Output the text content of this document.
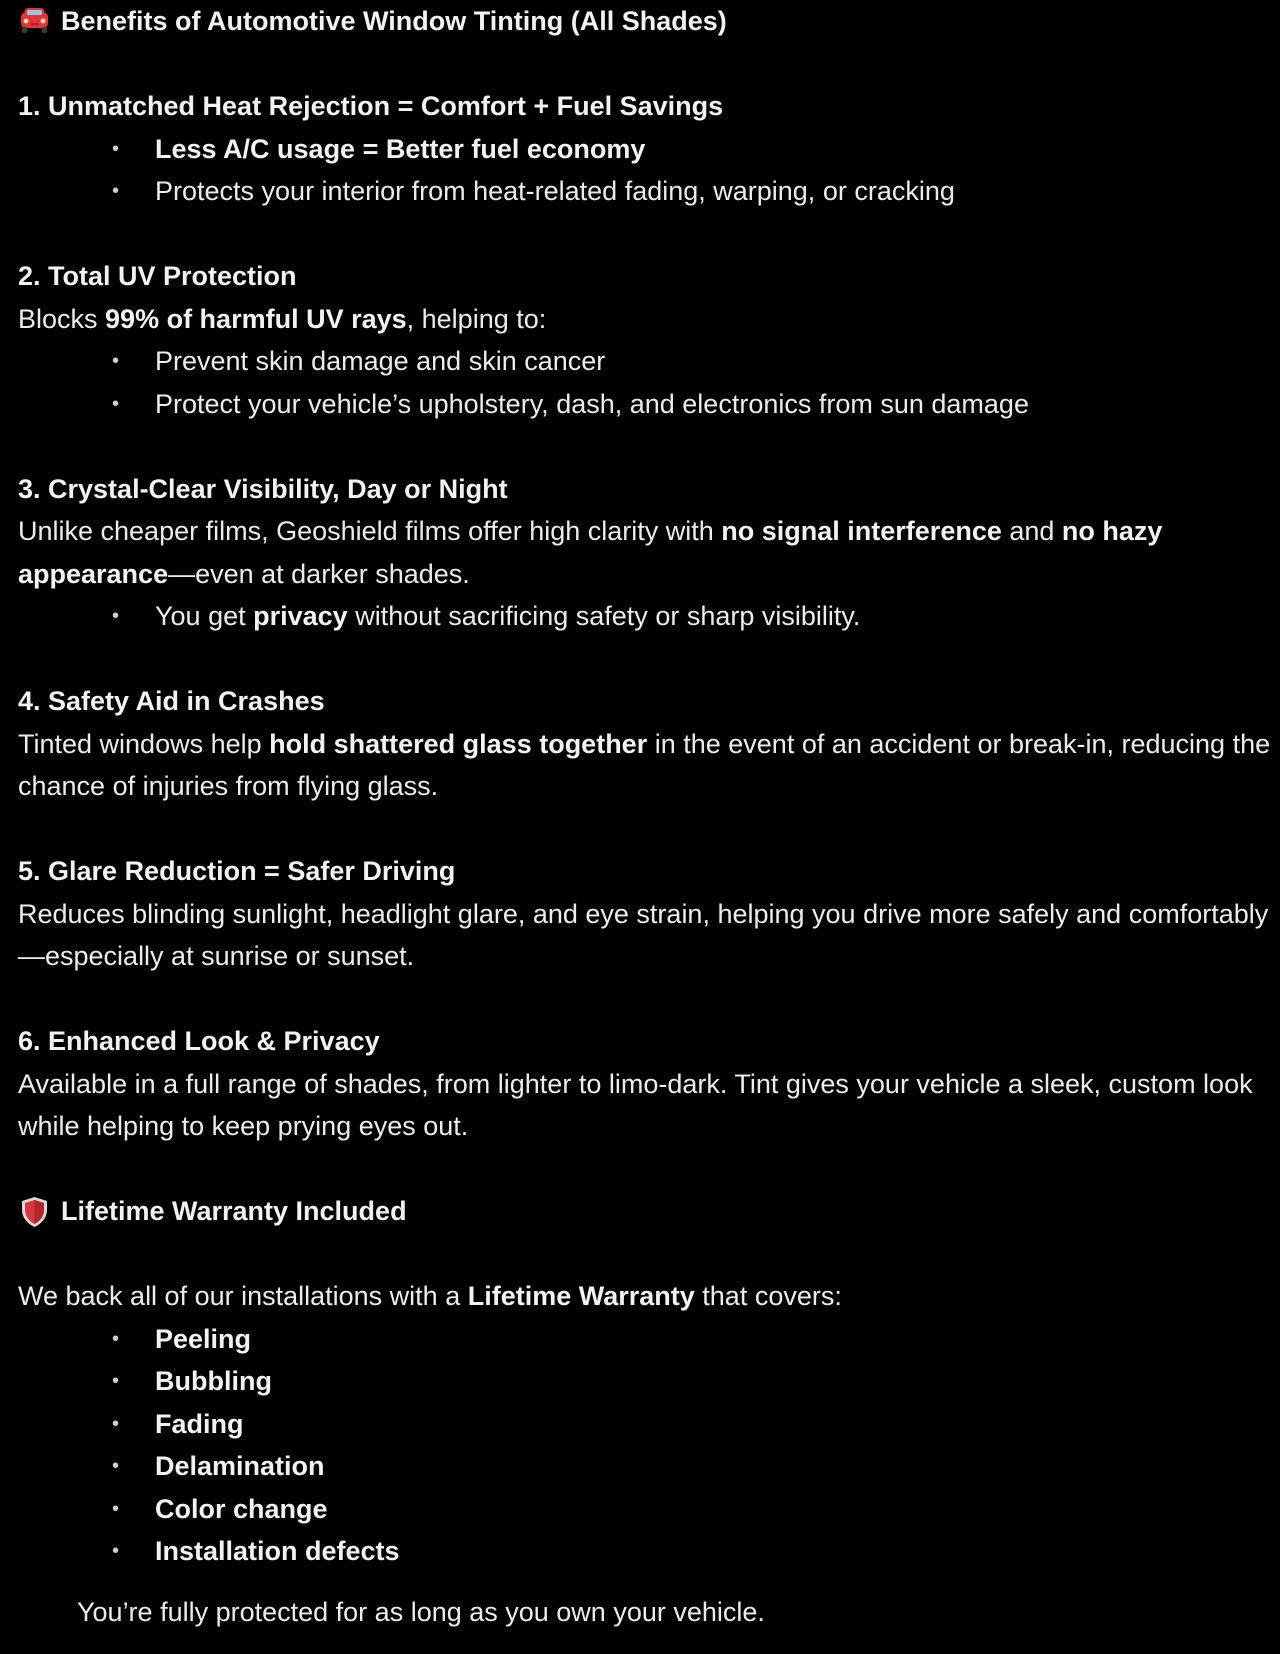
Benefits of Automotive Window Tinting (All Shades)

1. Unmatched Heat Rejection = Comfort + Fuel Savings

• Less A/C usage = Better fuel economy
• Protects your interior from heat-related fading, warping, or cracking

2. Total UV Protection

Blocks 99% of harmful UV rays, helping to:

• Prevent skin damage and skin cancer
• Protect your vehicle’s upholstery, dash, and electronics from sun damage

3. Crystal-Clear Visibility, Day or Night

Unlike cheaper films, Geoshield films offer high clarity with no signal interference and no hazy appearance—even at darker shades.

• You get privacy without sacrificing safety or sharp visibility.

4. Safety Aid in Crashes

Tinted windows help hold shattered glass together in the event of an accident or break-in, reducing the chance of injuries from flying glass.

5. Glare Reduction = Safer Driving

Reduces blinding sunlight, headlight glare, and eye strain, helping you drive more safely and comfortably—especially at sunrise or sunset.

6. Enhanced Look & Privacy

Available in a full range of shades, from lighter to limo-dark. Tint gives your vehicle a sleek, custom look while helping to keep prying eyes out.

Lifetime Warranty Included

We back all of our installations with a Lifetime Warranty that covers:

• Peeling
• Bubbling
• Fading
• Delamination
• Color change
• Installation defects

You’re fully protected for as long as you own your vehicle.
